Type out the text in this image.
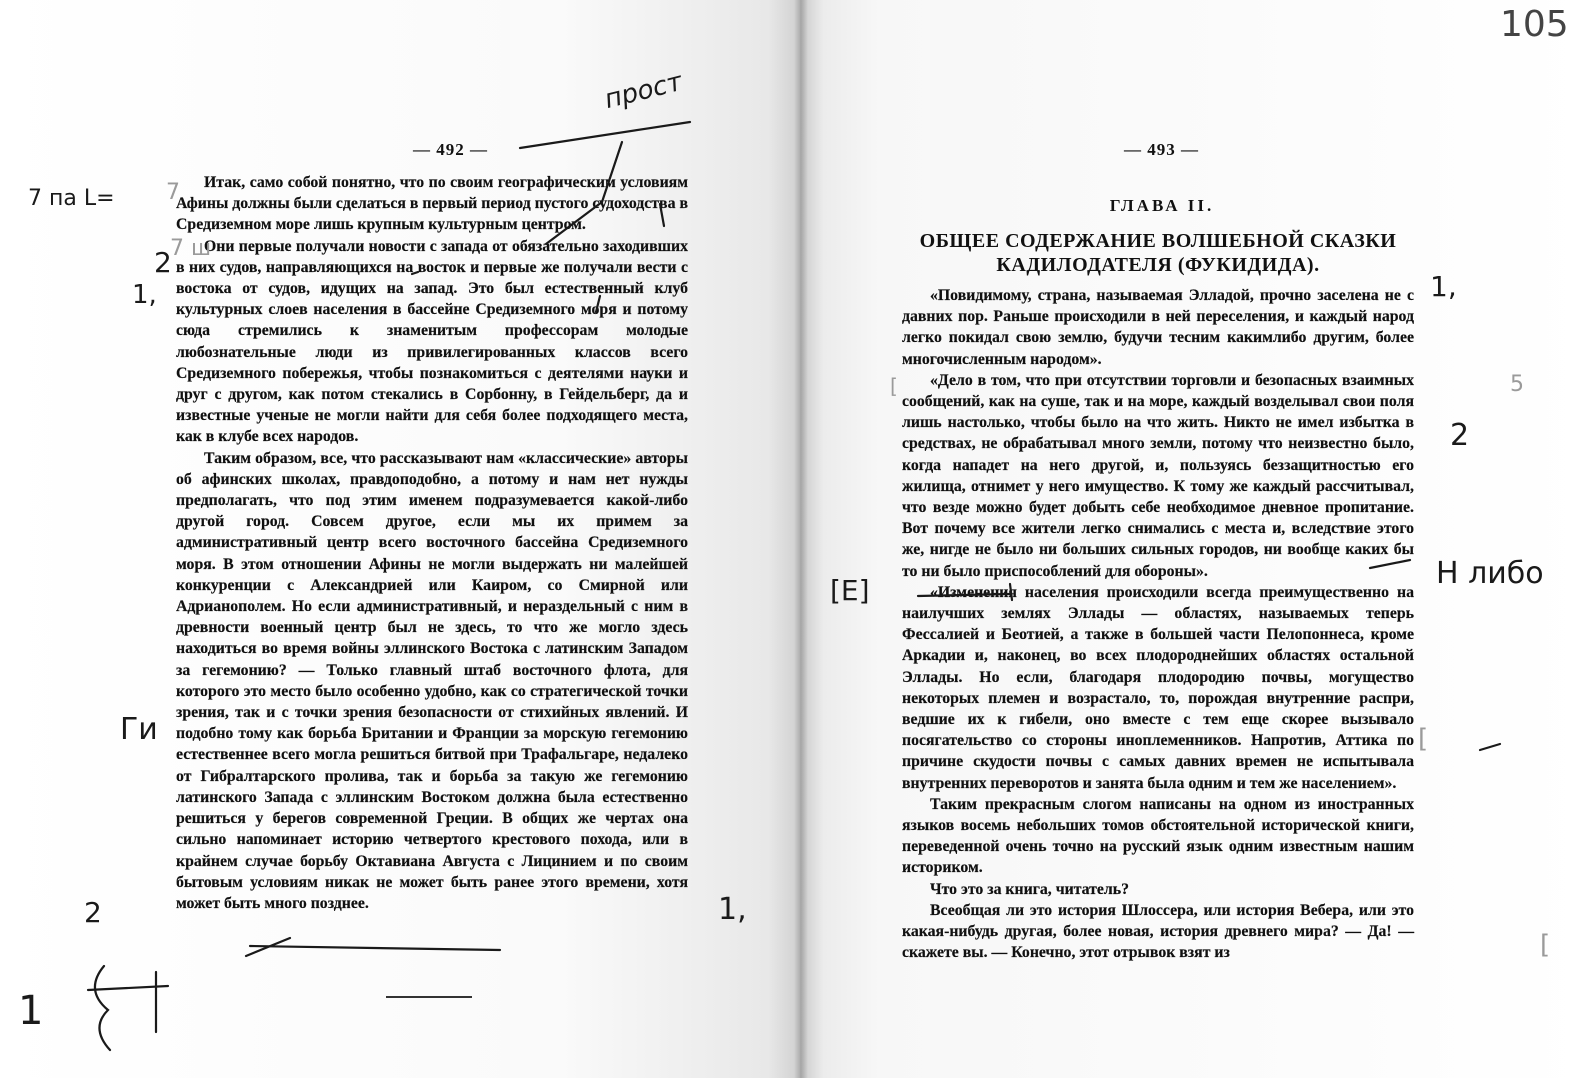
— 492 —

Итак, само собой понятно, что по своим географическим условиям Афины должны были сделаться в первый период пустого судоходства в Средиземном море лишь крупным культурным центром.

Они первые получали новости с запада от обязательно заходивших в них судов, направляющихся на восток и первые же получали вести с востока от судов, идущих на запад. Это был естественный клуб культурных слоев населения в бассейне Средиземного моря и потому сюда стремились к знаменитым профессорам молодые любознательные люди из привилегированных классов всего Средиземного побережья, чтобы познакомиться с деятелями науки и друг с другом, как потом стекались в Сорбонну, в Гейдельберг, да и известные ученые не могли найти для себя более подходящего места, как в клубе всех народов.

Таким образом, все, что рассказывают нам «классические» авторы об афинских школах, правдоподобно, а потому и нам нет нужды предполагать, что под этим именем подразумевается какой-либо другой город. Совсем другое, если мы их примем за административный центр всего восточного бассейна Средиземного моря. В этом отношении Афины не могли выдержать ни малейшей конкуренции с Александрией или Каиром, со Смирной или Адрианополем. Но если административный, и нераздельный с ним в древности военный центр был не здесь, то что же могло здесь находиться во время войны эллинского Востока с латинским Западом за гегемонию? — Только главный штаб восточного флота, для которого это место было особенно удобно, как со стратегической точки зрения, так и с точки зрения безопасности от стихийных явлений. И подобно тому как борьба Британии и Франции за морскую гегемонию естественнее всего могла решиться битвой при Трафальгаре, недалеко от Гибралтарского пролива, так и борьба за такую же гегемонию латинского Запада с эллинским Востоком должна была естественно решиться у берегов современной Греции. В общих же чертах она сильно напоминает историю четвертого крестового похода, или в крайнем случае борьбу Октавиана Августа с Лицинием и по своим бытовым условиям никак не может быть ранее этого времени, хотя может быть много позднее.

прост
7 па L=
2
1,
Ги
2	1,
1
7
7 ш
— 493 —
ГЛАВА II.
ОБЩЕЕ СОДЕРЖАНИЕ ВОЛШЕБНОЙ СКАЗКИ
КАДИЛОДАТЕЛЯ (ФУКИДИДА).

«Повидимому, страна, называемая Элладой, прочно заселена не с давних пор. Раньше происходили в ней переселения, и каждый народ легко покидал свою землю, будучи тесним какимлибо другим, более многочисленным народом».

«Дело в том, что при отсутствии торговли и безопасных взаимных сообщений, как на суше, так и на море, каждый возделывал свои поля лишь настолько, чтобы было на что жить. Никто не имел избытка в средствах, не обрабатывал много земли, потому что неизвестно было, когда нападет на него другой, и, пользуясь беззащитностью его жилища, отнимет у него имущество. К тому же каждый рассчитывал, что везде можно будет добыть себе необходимое дневное пропитание. Вот почему все жители легко снимались с места и, вследствие этого же, нигде не было ни больших сильных городов, ни вообще каких бы то ни было приспособлений для обороны».

«Изменения населения происходили всегда преимущественно на наилучших землях Эллады — областях, называемых теперь Фессалией и Беотией, а также в большей части Пелопоннеса, кроме Аркадии и, наконец, во всех плодороднейших областях остальной Эллады. Но если, благодаря плодородию почвы, могущество некоторых племен и возрастало, то, порождая внутренние распри, ведшие их к гибели, оно вместе с тем еще скорее вызывало посягательство со стороны иноплеменников. Напротив, Аттика по причине скудости почвы с самых давних времен не испытывала внутренних переворотов и занята была одним и тем же населением».

Таким прекрасным слогом написаны на одном из иностранных языков восемь небольших томов обстоятельной исторической книги, переведенной очень точно на русский язык одним известным нашим историком.

Что это за книга, читатель?

Всеобщая ли это история Шлоссера, или история Вебера, или это какая-нибудь другая, более новая, история древнего мира? — Да! — скажете вы. — Конечно, этот отрывок взят из

105
1,
2
Н либо
[Е]
[	5
[
[
